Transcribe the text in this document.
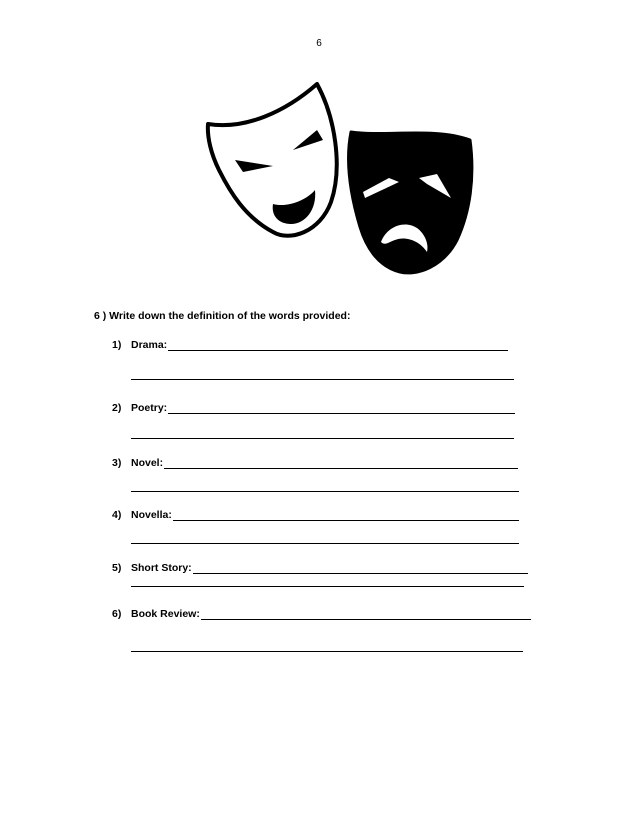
6
6 ) Write down the definition of the words provided:
1) Drama:
2) Poetry:
3) Novel:
4) Novella:
5) Short Story:
6) Book Review:
